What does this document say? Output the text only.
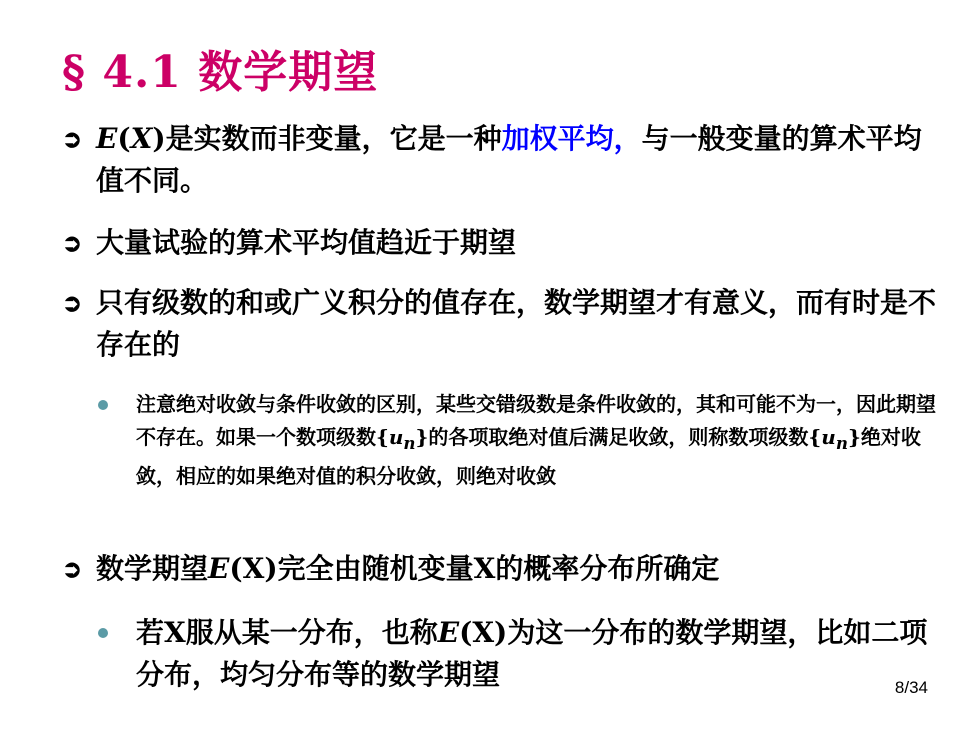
§ 4.1 数学期望
➲ E(X)是实数而非变量，它是一种加权平均，与一般变量的算术平均值不同。
➲ 大量试验的算术平均值趋近于期望
➲ 只有级数的和或广义积分的值存在，数学期望才有意义，而有时是不存在的
注意绝对收敛与条件收敛的区别，某些交错级数是条件收敛的，其和可能不为一，因此期望不存在。如果一个数项级数$\{u_n\}$的各项取绝对值后满足收敛，则称数项级数$\{u_n\}$绝对收敛，相应的如果绝对值的积分收敛，则绝对收敛
➲ 数学期望E(X)完全由随机变量X的概率分布所确定
若X服从某一分布，也称E(X)为这一分布的数学期望，比如二项分布，均匀分布等的数学期望	8/34
